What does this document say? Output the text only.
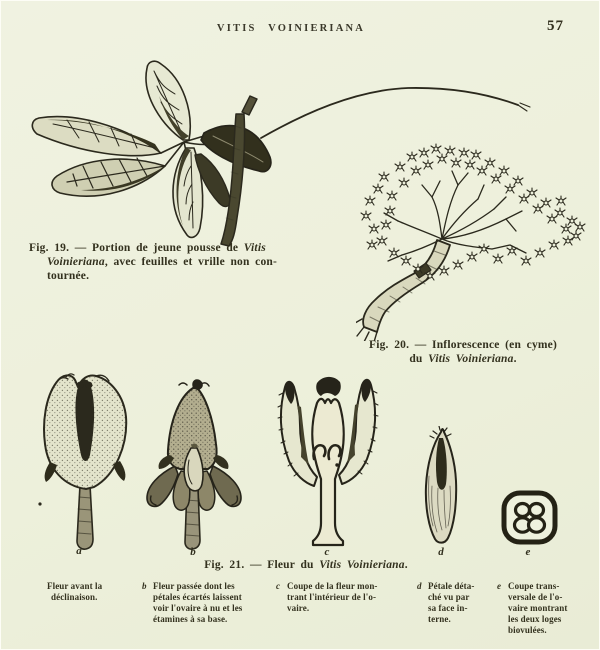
VITIS VOINIERIANA	57
Fig. 19. — Portion de jeune pousse de Vitis
Voinieriana, avec feuilles et vrille non con-
tournée.
Fig. 20. — Inflorescence (en cyme)
du Vitis Voinieriana.
a	b	c	d	e
Fig. 21. — Fleur du Vitis Voinieriana.
Fleur avant la
déclinaison.
b Fleur passée dont les
pétales écartés laissent
voir l'ovaire à nu et les
étamines à sa base.
c Coupe de la fleur mon-
trant l'intérieur de l'o-
vaire.
d Pétale déta-
ché vu par
sa face in-
terne.
e Coupe trans-
versale de l'o-
vaire montrant
les deux loges
biovulées.
